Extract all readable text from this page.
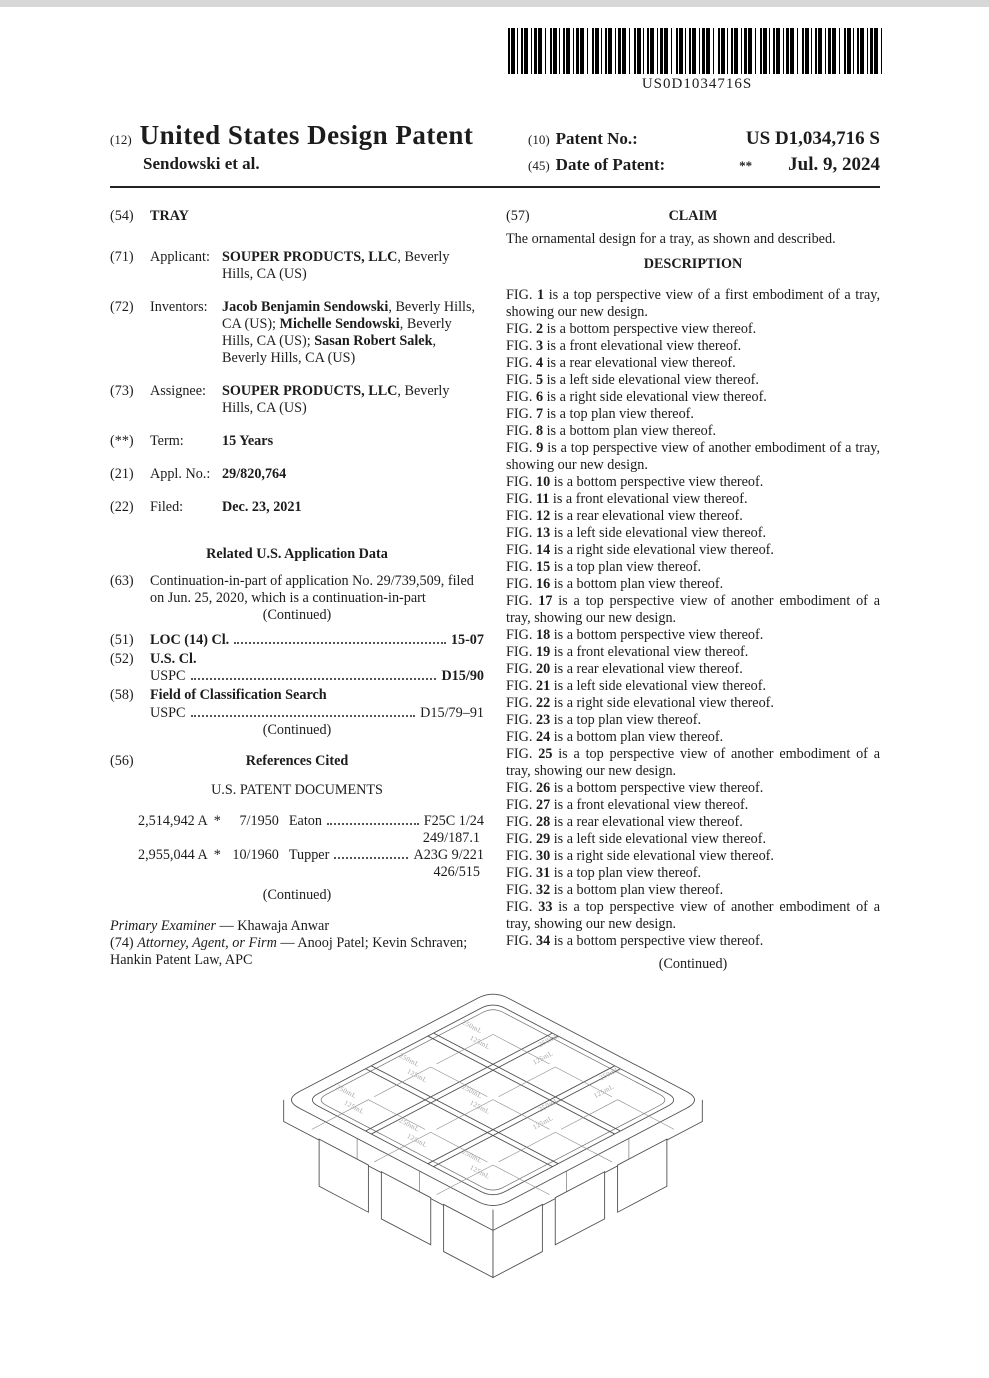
US0D1034716S
(12) United States Design Patent
Sendowski et al.
(10) Patent No.:	US D1,034,716 S
(45) Date of Patent:	** Jul. 9, 2024
(54)	TRAY
(71)	Applicant: SOUPER PRODUCTS, LLC, Beverly Hills, CA (US)
(72)	Inventors:	Jacob Benjamin Sendowski, Beverly Hills, CA (US); Michelle Sendowski, Beverly Hills, CA (US); Sasan Robert Salek, Beverly Hills, CA (US)
(73)	Assignee:	SOUPER PRODUCTS, LLC, Beverly Hills, CA (US)
(**)	Term:	15 Years
(21)	Appl. No.: 29/820,764
(22)	Filed:	Dec. 23, 2021
Related U.S. Application Data
(63)	Continuation-in-part of application No. 29/739,509, filed on Jun. 25, 2020, which is a continuation-in-part
(Continued)
(51)	LOC (14) Cl.	15-07
(52)	U.S. Cl.
USPC	D15/90
(58)	Field of Classification Search
USPC	D15/79–91
(Continued)
(56)	References Cited
U.S. PATENT DOCUMENTS
2,514,942 A *	7/1950 Eaton	F25C 1/24
249/187.1
2,955,044 A * 10/1960 Tupper	A23G 9/221
426/515
(Continued)
Primary Examiner — Khawaja Anwar
(74) Attorney, Agent, or Firm — Anooj Patel; Kevin Schraven; Hankin Patent Law, APC
(57)	CLAIM
The ornamental design for a tray, as shown and described.
DESCRIPTION
FIG. 1 is a top perspective view of a first embodiment of a tray, showing our new design.
FIG. 2 is a bottom perspective view thereof.
FIG. 3 is a front elevational view thereof.
FIG. 4 is a rear elevational view thereof.
FIG. 5 is a left side elevational view thereof.
FIG. 6 is a right side elevational view thereof.
FIG. 7 is a top plan view thereof.
FIG. 8 is a bottom plan view thereof.
FIG. 9 is a top perspective view of another embodiment of a tray, showing our new design.
FIG. 10 is a bottom perspective view thereof.
FIG. 11 is a front elevational view thereof.
FIG. 12 is a rear elevational view thereof.
FIG. 13 is a left side elevational view thereof.
FIG. 14 is a right side elevational view thereof.
FIG. 15 is a top plan view thereof.
FIG. 16 is a bottom plan view thereof.
FIG. 17 is a top perspective view of another embodiment of a tray, showing our new design.
FIG. 18 is a bottom perspective view thereof.
FIG. 19 is a front elevational view thereof.
FIG. 20 is a rear elevational view thereof.
FIG. 21 is a left side elevational view thereof.
FIG. 22 is a right side elevational view thereof.
FIG. 23 is a top plan view thereof.
FIG. 24 is a bottom plan view thereof.
FIG. 25 is a top perspective view of another embodiment of a tray, showing our new design.
FIG. 26 is a bottom perspective view thereof.
FIG. 27 is a front elevational view thereof.
FIG. 28 is a rear elevational view thereof.
FIG. 29 is a left side elevational view thereof.
FIG. 30 is a right side elevational view thereof.
FIG. 31 is a top plan view thereof.
FIG. 32 is a bottom plan view thereof.
FIG. 33 is a top perspective view of another embodiment of a tray, showing our new design.
FIG. 34 is a bottom perspective view thereof.
(Continued)
250mL
125mL	250mL
125mL
250mL
125mL
250mL
125mL
250mL
125mL	250mL
125mL
250mL
125mL
250mL
125mL
250mL
125mL
